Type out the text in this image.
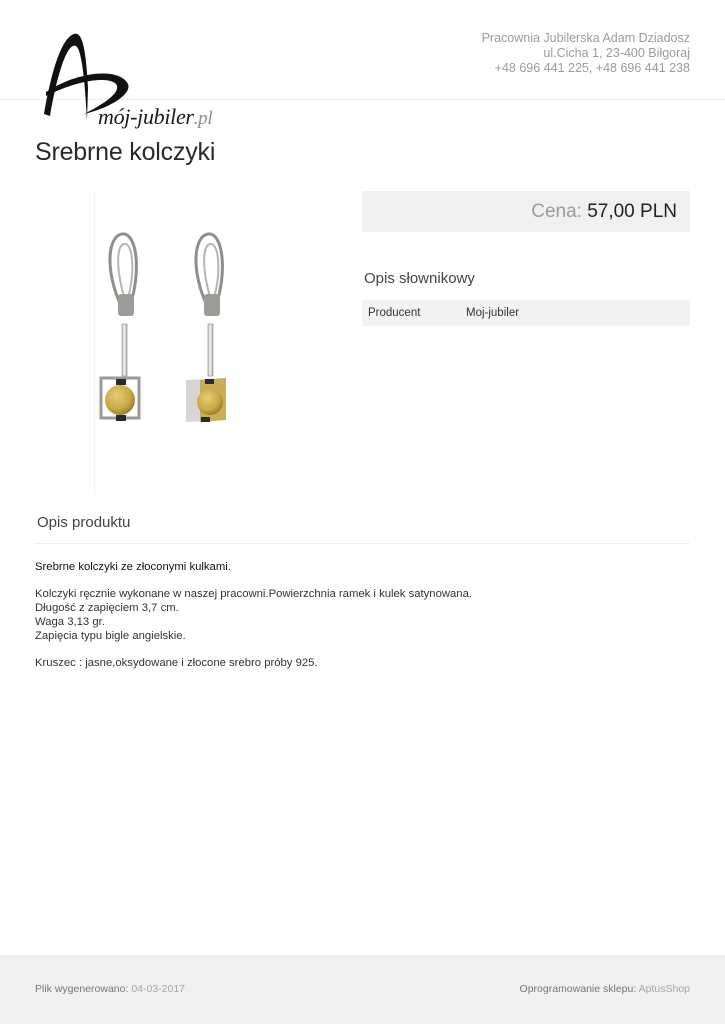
mój-jubiler.pl
Pracownia Jubilerska Adam Dziadosz
ul.Cicha 1, 23-400 Biłgoraj
+48 696 441 225, +48 696 441 238
Srebrne kolczyki
Cena: 57,00 PLN
Opis słownikowy
Producent	Moj-jubiler
Opis produktu
Srebrne kolczyki ze złoconymi kulkami.
Kolczyki ręcznie wykonane w naszej pracowni.Powierzchnia ramek i kulek satynowana.
Długość z zapięciem 3,7 cm.
Waga 3,13 gr.
Zapięcia typu bigle angielskie.
Kruszec : jasne,oksydowane i złocone srebro próby 925.
Plik wygenerowano: 04-03-2017	Oprogramowanie sklepu: AptusShop
